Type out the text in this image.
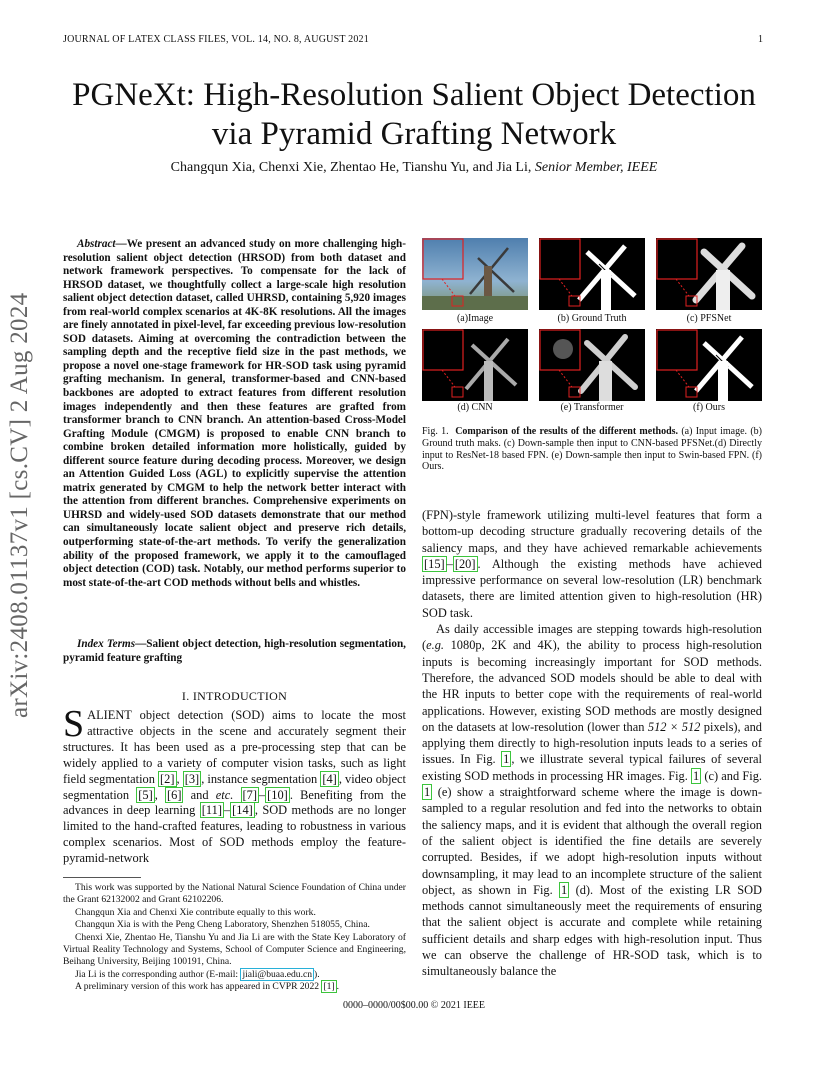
JOURNAL OF LATEX CLASS FILES, VOL. 14, NO. 8, AUGUST 2021	1
arXiv:2408.01137v1 [cs.CV] 2 Aug 2024
PGNeXt: High-Resolution Salient Object Detection
via Pyramid Grafting Network
Changqun Xia, Chenxi Xie, Zhentao He, Tianshu Yu, and Jia Li, Senior Member, IEEE
Abstract—We present an advanced study on more challenging high-resolution salient object detection (HRSOD) from both dataset and network framework perspectives. To compensate for the lack of HRSOD dataset, we thoughtfully collect a large-scale high resolution salient object detection dataset, called UHRSD, containing 5,920 images from real-world complex scenarios at 4K-8K resolutions. All the images are finely annotated in pixel-level, far exceeding previous low-resolution SOD datasets. Aiming at overcoming the contradiction between the sampling depth and the receptive field size in the past methods, we propose a novel one-stage framework for HR-SOD task using pyramid grafting mechanism. In general, transformer-based and CNN-based backbones are adopted to extract features from different resolution images independently and then these features are grafted from transformer branch to CNN branch. An attention-based Cross-Model Grafting Module (CMGM) is proposed to enable CNN branch to combine broken detailed information more holistically, guided by different source feature during decoding process. Moreover, we design an Attention Guided Loss (AGL) to explicitly supervise the attention matrix generated by CMGM to help the network better interact with the attention from different branches. Comprehensive experiments on UHRSD and widely-used SOD datasets demonstrate that our method can simultaneously locate salient object and preserve rich details, outperforming state-of-the-art methods. To verify the generalization ability of the proposed framework, we apply it to the camouflaged object detection (COD) task. Notably, our method performs superior to most state-of-the-art COD methods without bells and whistles.
Index Terms—Salient object detection, high-resolution segmentation, pyramid feature grafting
I. INTRODUCTION
SALIENT object detection (SOD) aims to locate the most attractive objects in the scene and accurately segment their structures. It has been used as a pre-processing step that can be widely applied to a variety of computer vision tasks, such as light field segmentation [2] , [3] , instance segmentation [4] , video object segmentation [5] , [6] and etc. [7] – [10] . Benefiting from the advances in deep learning [11] – [14] , SOD methods are no longer limited to the hand-crafted features, leading to robustness in various complex scenarios. Most of SOD methods employ the feature-pyramid-network

This work was supported by the National Natural Science Foundation of China under the Grant 62132002 and Grant 62102206.

Changqun Xia and Chenxi Xie contribute equally to this work.

Changqun Xia is with the Peng Cheng Laboratory, Shenzhen 518055, China.

Chenxi Xie, Zhentao He, Tianshu Yu and Jia Li are with the State Key Laboratory of Virtual Reality Technology and Systems, School of Computer Science and Engineering, Beihang University, Beijing 100191, China.

Jia Li is the corresponding author (E-mail: jiali@buaa.edu.cn ).

A preliminary version of this work has appeared in CVPR 2022 [1] .

(a)Image	(b) Ground Truth	(c) PFSNet
(d) CNN	(e) Transformer	(f) Ours
Fig. 1. Comparison of the results of the different methods. (a) Input image. (b) Ground truth maks. (c) Down-sample then input to CNN-based PFSNet.(d) Directly input to ResNet-18 based FPN. (e) Down-sample then input to Swin-based FPN. (f) Ours.

(FPN)-style framework utilizing multi-level features that form a bottom-up decoding structure gradually recovering details of the saliency maps, and they have achieved remarkable achievements [15] – [20] . Although the existing methods have achieved impressive performance on several low-resolution (LR) benchmark datasets, there are limited attention given to high-resolution (HR) SOD task.

As daily accessible images are stepping towards high-resolution (e.g. 1080p, 2K and 4K), the ability to process high-resolution inputs is becoming increasingly important for SOD methods. Therefore, the advanced SOD models should be able to deal with the HR inputs to better cope with the requirements of real-world applications. However, existing SOD methods are mostly designed on the datasets at low-resolution (lower than 512 × 512 pixels), and applying them directly to high-resolution inputs leads to a series of issues. In Fig. 1 , we illustrate several typical failures of several existing SOD methods in processing HR images. Fig. 1 (c) and Fig. 1 (e) show a straightforward scheme where the image is down-sampled to a regular resolution and fed into the networks to obtain the saliency maps, and it is evident that although the overall region of the salient object is identified the fine details are severely corrupted. Besides, if we adopt high-resolution inputs without downsampling, it may lead to an incomplete structure of the salient object, as shown in Fig. 1 (d). Most of the existing LR SOD methods cannot simultaneously meet the requirements of ensuring that the salient object is accurate and complete while retaining sufficient details and sharp edges with high-resolution input. Thus we can observe the challenge of HR-SOD task, which is to simultaneously balance the

0000–0000/00$00.00 © 2021 IEEE
